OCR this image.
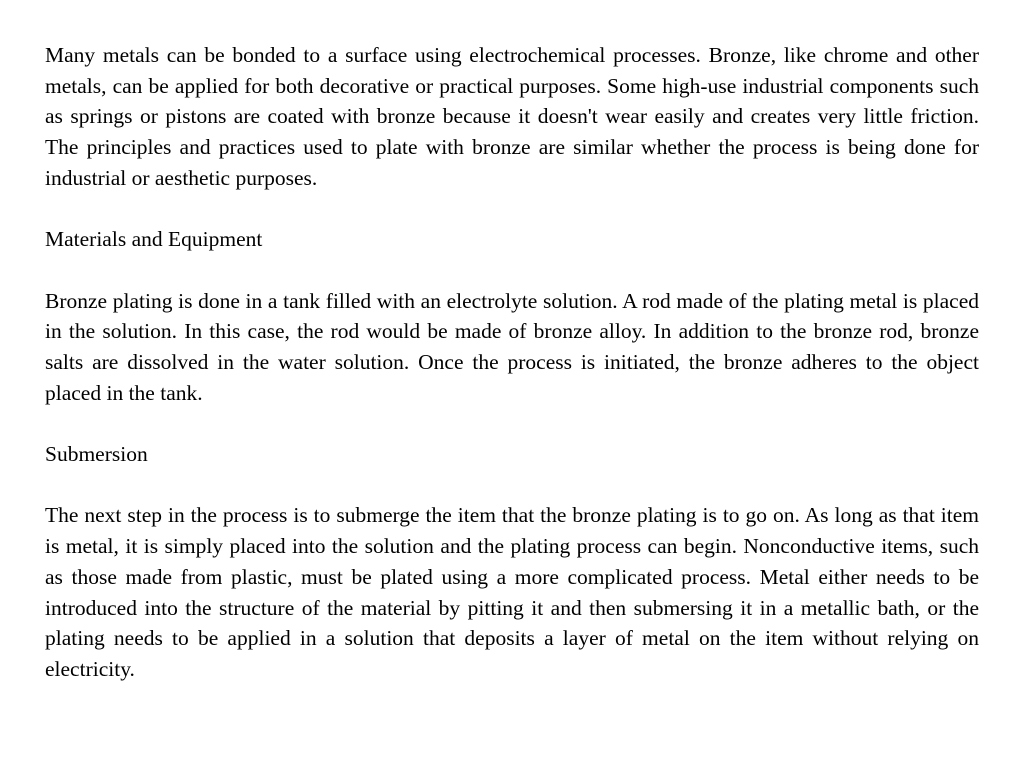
Many metals can be bonded to a surface using electrochemical processes. Bronze, like chrome and other metals, can be applied for both decorative or practical purposes. Some high-use industrial components such as springs or pistons are coated with bronze because it doesn't wear easily and creates very little friction. The principles and practices used to plate with bronze are similar whether the process is being done for industrial or aesthetic purposes.

Materials and Equipment

Bronze plating is done in a tank filled with an electrolyte solution. A rod made of the plating metal is placed in the solution. In this case, the rod would be made of bronze alloy. In addition to the bronze rod, bronze salts are dissolved in the water solution. Once the process is initiated, the bronze adheres to the object placed in the tank.

Submersion

The next step in the process is to submerge the item that the bronze plating is to go on. As long as that item is metal, it is simply placed into the solution and the plating process can begin. Nonconductive items, such as those made from plastic, must be plated using a more complicated process. Metal either needs to be introduced into the structure of the material by pitting it and then submersing it in a metallic bath, or the plating needs to be applied in a solution that deposits a layer of metal on the item without relying on electricity.
